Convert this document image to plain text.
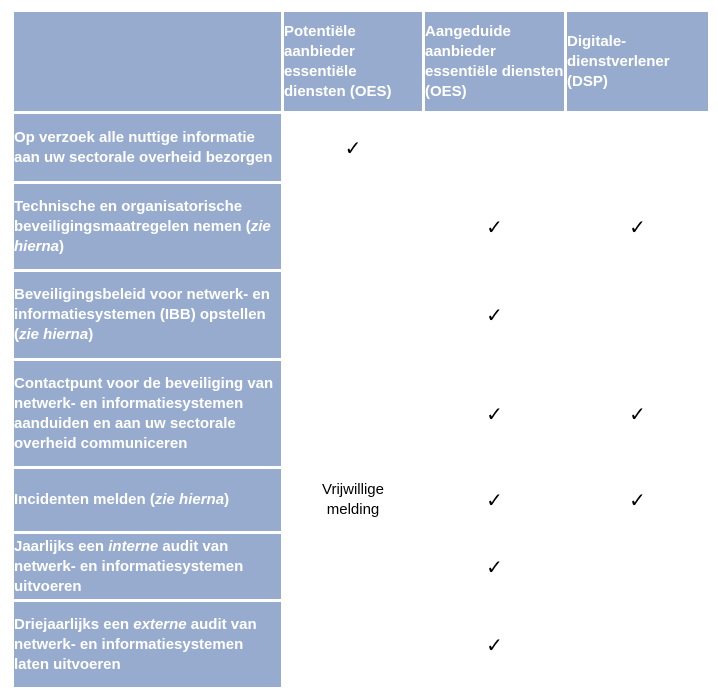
	Potentiële aanbieder essentiële diensten (OES)	Aangeduide aanbieder essentiële diensten (OES)	Digitale-dienstverlener (DSP)
Op verzoek alle nuttige informatie aan uw sectorale overheid bezorgen	✓		
Technische en organisatorische beveiligingsmaatregelen nemen (zie hierna)		✓	✓
Beveiligingsbeleid voor netwerk- en informatiesystemen (IBB) opstellen (zie hierna)		✓	
Contactpunt voor de beveiliging van netwerk- en informatiesystemen aanduiden en aan uw sectorale overheid communiceren		✓	✓
Incidenten melden (zie hierna)	Vrijwillige melding	✓	✓
Jaarlijks een interne audit van netwerk- en informatiesystemen uitvoeren		✓	
Driejaarlijks een externe audit van netwerk- en informatiesystemen laten uitvoeren		✓	
